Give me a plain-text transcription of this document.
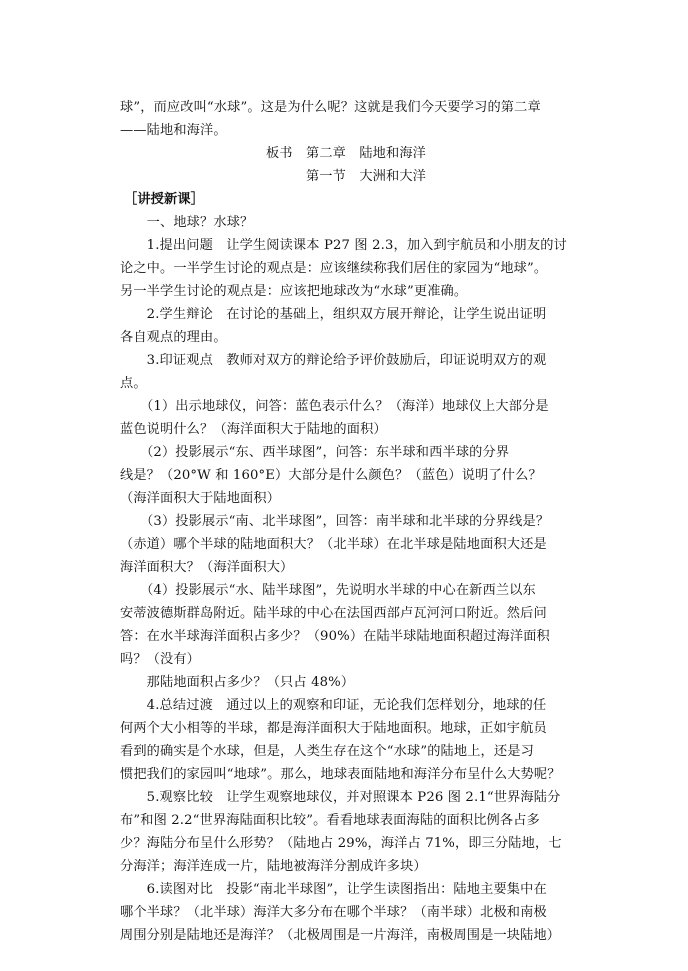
球”，而应改叫“水球”。这是为什么呢？这就是我们今天要学习的第二章
——陆地和海洋。
板书　第二章　陆地和海洋
第一节　大洲和大洋
［讲授新课］
　　一、地球？水球？
　　1.提出问题　让学生阅读课本 P27 图 2.3，加入到宇航员和小朋友的讨
论之中。一半学生讨论的观点是：应该继续称我们居住的家园为“地球”。
另一半学生讨论的观点是：应该把地球改为“水球”更准确。
　　2.学生辩论　在讨论的基础上，组织双方展开辩论，让学生说出证明
各自观点的理由。
　　3.印证观点　教师对双方的辩论给予评价鼓励后，印证说明双方的观
点。
　　（1）出示地球仪，问答：蓝色表示什么？（海洋）地球仪上大部分是
蓝色说明什么？（海洋面积大于陆地的面积）
　　（2）投影展示“东、西半球图”，问答：东半球和西半球的分界
线是？（20°W 和 160°E）大部分是什么颜色？（蓝色）说明了什么？
（海洋面积大于陆地面积）
　　（3）投影展示“南、北半球图”，回答：南半球和北半球的分界线是？
（赤道）哪个半球的陆地面积大？（北半球）在北半球是陆地面积大还是
海洋面积大？（海洋面积大）
　　（4）投影展示“水、陆半球图”，先说明水半球的中心在新西兰以东
安蒂波德斯群岛附近。陆半球的中心在法国西部卢瓦河河口附近。然后问
答：在水半球海洋面积占多少？（90%）在陆半球陆地面积超过海洋面积
吗？（没有）
　　那陆地面积占多少？（只占 48%）
　　4.总结过渡　通过以上的观察和印证，无论我们怎样划分，地球的任
何两个大小相等的半球，都是海洋面积大于陆地面积。地球，正如宇航员
看到的确实是个水球，但是，人类生存在这个“水球”的陆地上，还是习
惯把我们的家园叫“地球”。那么，地球表面陆地和海洋分布呈什么大势呢？
　　5.观察比较　让学生观察地球仪，并对照课本 P26 图 2.1“世界海陆分
布”和图 2.2“世界海陆面积比较”。看看地球表面海陆的面积比例各占多
少？海陆分布呈什么形势？（陆地占 29%，海洋占 71%，即三分陆地，七
分海洋；海洋连成一片，陆地被海洋分割成许多块）
　　6.读图对比　投影“南北半球图”，让学生读图指出：陆地主要集中在
哪个半球？（北半球）海洋大多分布在哪个半球？（南半球）北极和南极
周围分别是陆地还是海洋？（北极周围是一片海洋，南极周围是一块陆地）
